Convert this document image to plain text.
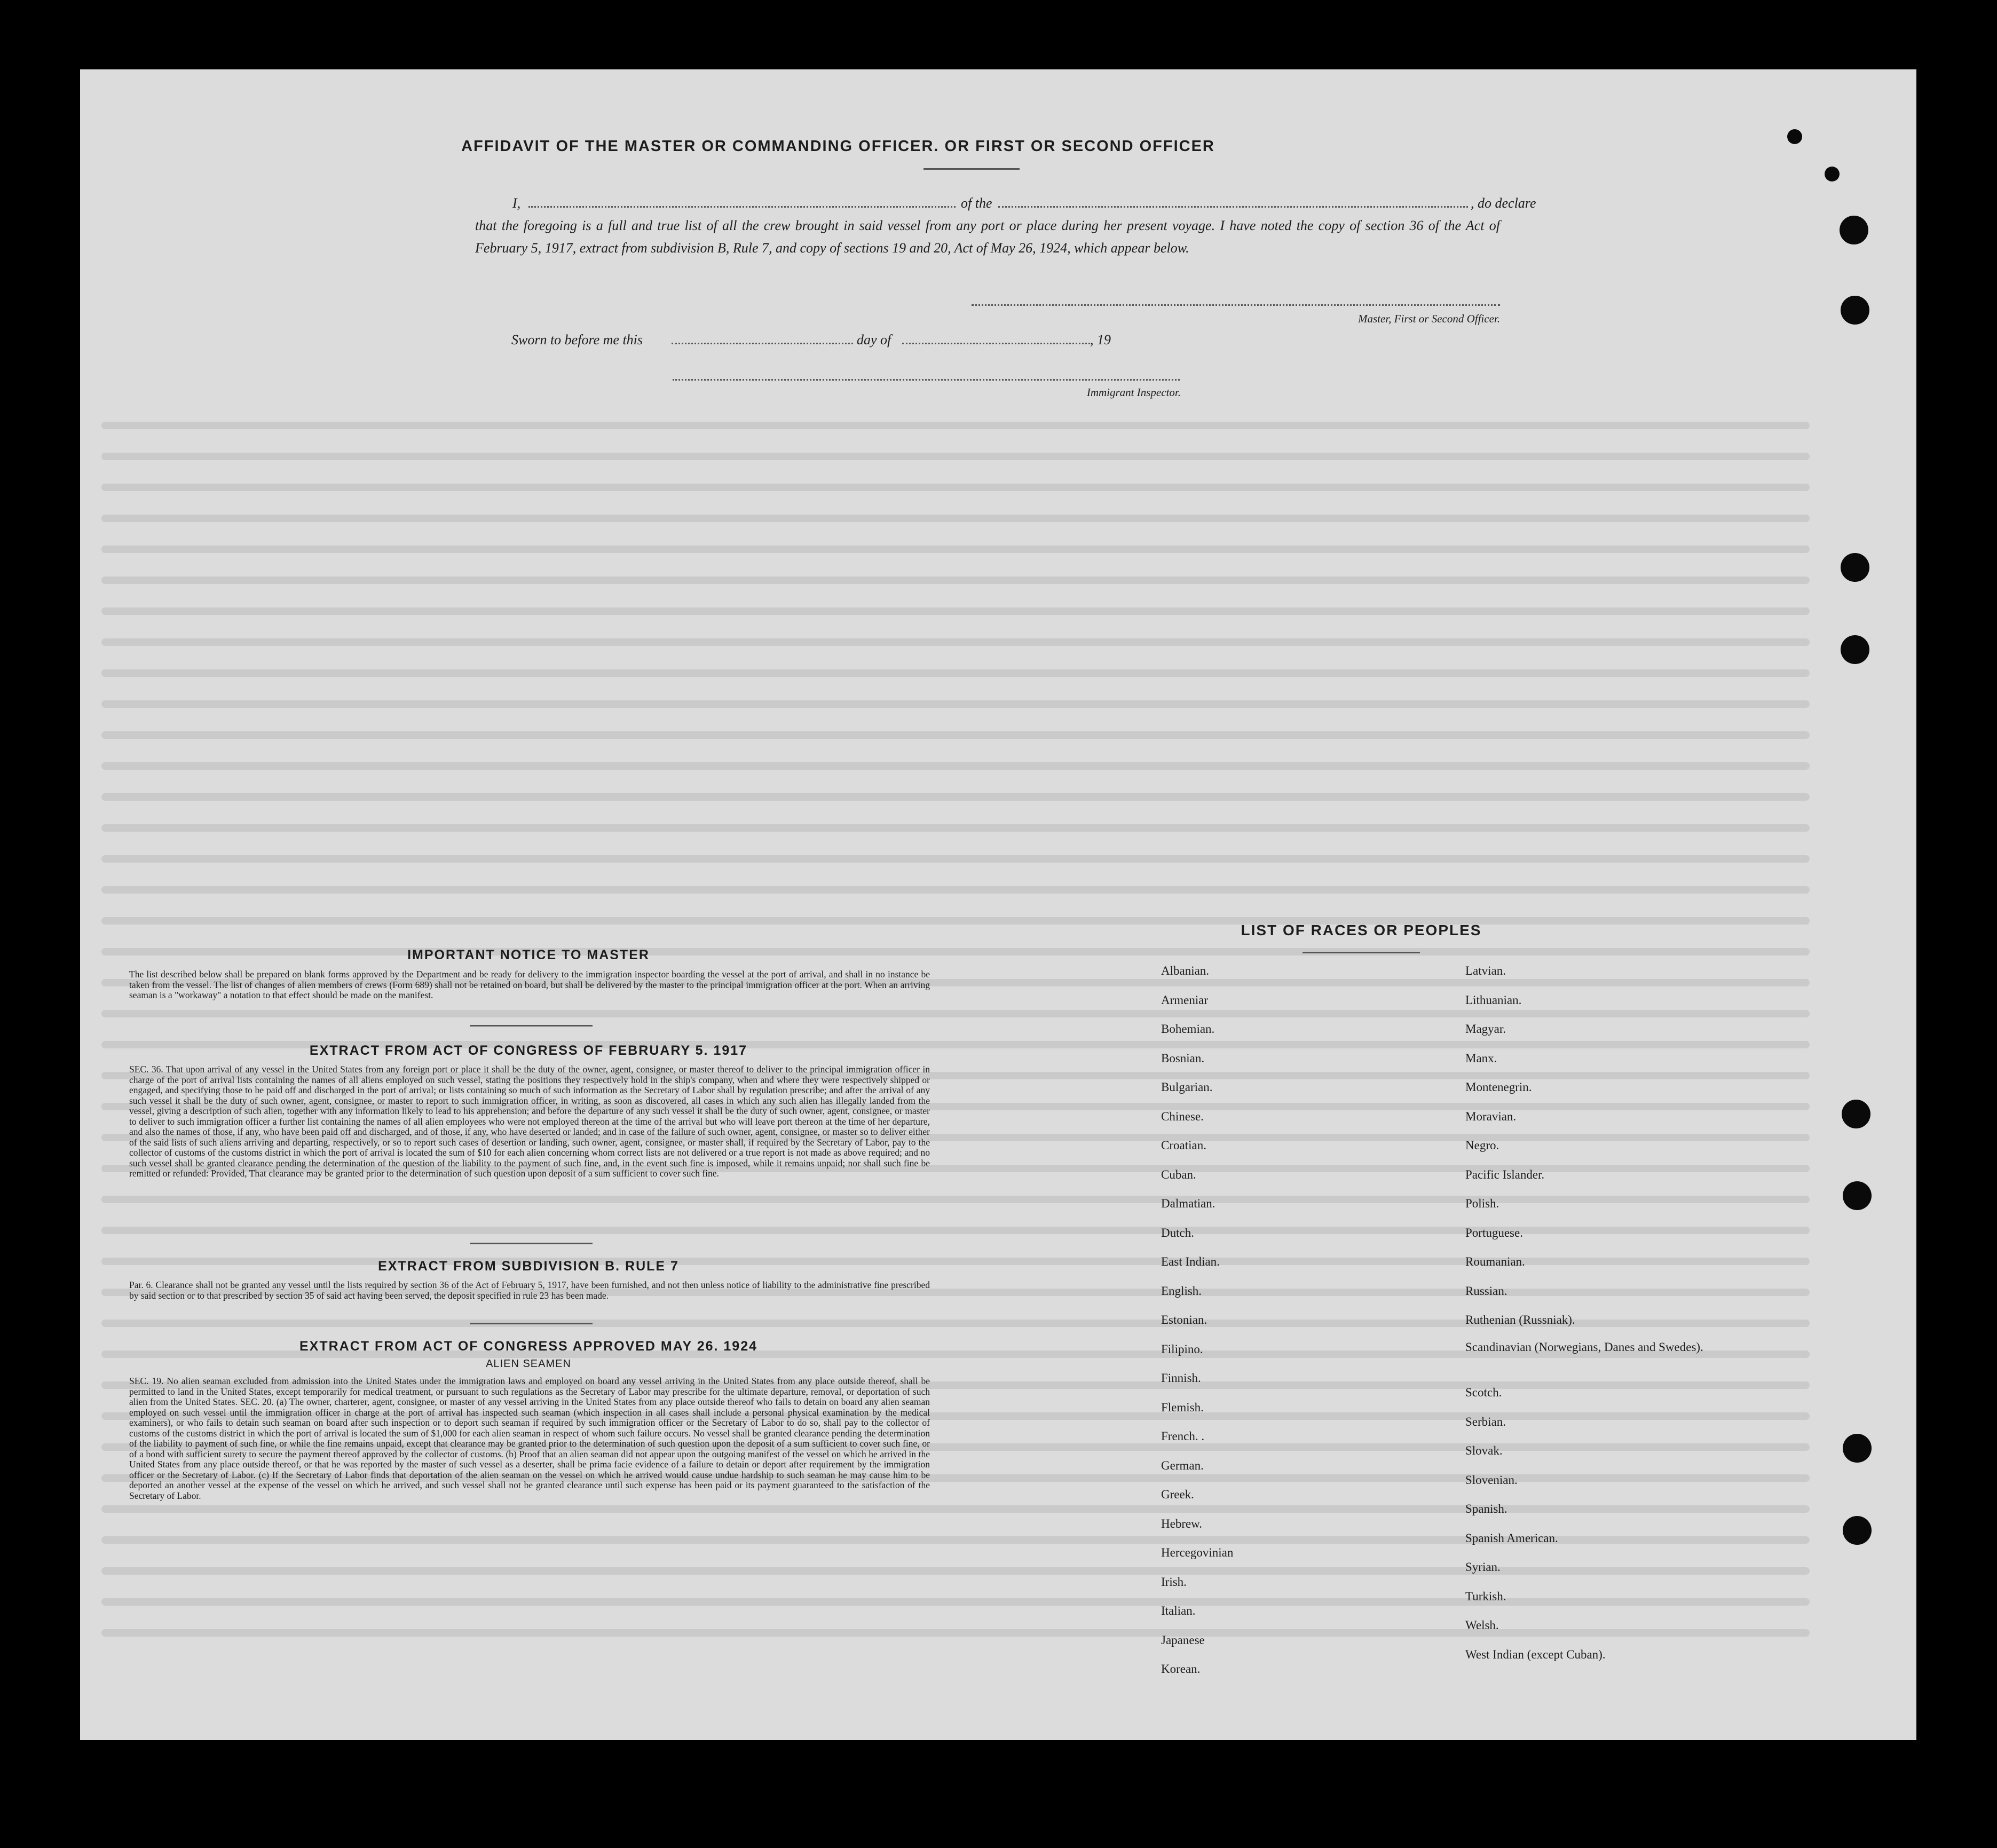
AFFIDAVIT OF THE MASTER OR COMMANDING OFFICER. OR FIRST OR SECOND OFFICER
I,	of the	, do declare
that the foregoing is a full and true list of all the crew brought in said vessel from any port or place during her present voyage. I have noted the copy of section 36 of the Act of February 5, 1917, extract from subdivision B, Rule 7, and copy of sections 19 and 20, Act of May 26, 1924, which appear below.
Master, First or Second Officer.
Sworn to before me this	day of	, 19
Immigrant Inspector.
IMPORTANT NOTICE TO MASTER
The list described below shall be prepared on blank forms approved by the Department and be ready for delivery to the immigration inspector boarding the vessel at the port of arrival, and shall in no instance be taken from the vessel. The list of changes of alien members of crews (Form 689) shall not be retained on board, but shall be delivered by the master to the principal immigration officer at the port. When an arriving seaman is a "workaway" a notation to that effect should be made on the manifest.
EXTRACT FROM ACT OF CONGRESS OF FEBRUARY 5. 1917
SEC. 36. That upon arrival of any vessel in the United States from any foreign port or place it shall be the duty of the owner, agent, consignee, or master thereof to deliver to the principal immigration officer in charge of the port of arrival lists containing the names of all aliens employed on such vessel, stating the positions they respectively hold in the ship's company, when and where they were respectively shipped or engaged, and specifying those to be paid off and discharged in the port of arrival; or lists containing so much of such information as the Secretary of Labor shall by regulation prescribe; and after the arrival of any such vessel it shall be the duty of such owner, agent, consignee, or master to report to such immigration officer, in writing, as soon as discovered, all cases in which any such alien has illegally landed from the vessel, giving a description of such alien, together with any information likely to lead to his apprehension; and before the departure of any such vessel it shall be the duty of such owner, agent, consignee, or master to deliver to such immigration officer a further list containing the names of all alien employees who were not employed thereon at the time of the arrival but who will leave port thereon at the time of her departure, and also the names of those, if any, who have been paid off and discharged, and of those, if any, who have deserted or landed; and in case of the failure of such owner, agent, consignee, or master so to deliver either of the said lists of such aliens arriving and departing, respectively, or so to report such cases of desertion or landing, such owner, agent, consignee, or master shall, if required by the Secretary of Labor, pay to the collector of customs of the customs district in which the port of arrival is located the sum of $10 for each alien concerning whom correct lists are not delivered or a true report is not made as above required; and no such vessel shall be granted clearance pending the determination of the question of the liability to the payment of such fine, and, in the event such fine is imposed, while it remains unpaid; nor shall such fine be remitted or refunded: Provided, That clearance may be granted prior to the determination of such question upon deposit of a sum sufficient to cover such fine.
EXTRACT FROM SUBDIVISION B. RULE 7
Par. 6. Clearance shall not be granted any vessel until the lists required by section 36 of the Act of February 5, 1917, have been furnished, and not then unless notice of liability to the administrative fine prescribed by said section or to that prescribed by section 35 of said act having been served, the deposit specified in rule 23 has been made.
EXTRACT FROM ACT OF CONGRESS APPROVED MAY 26. 1924
ALIEN SEAMEN
SEC. 19. No alien seaman excluded from admission into the United States under the immigration laws and employed on board any vessel arriving in the United States from any place outside thereof, shall be permitted to land in the United States, except temporarily for medical treatment, or pursuant to such regulations as the Secretary of Labor may prescribe for the ultimate departure, removal, or deportation of such alien from the United States. SEC. 20. (a) The owner, charterer, agent, consignee, or master of any vessel arriving in the United States from any place outside thereof who fails to detain on board any alien seaman employed on such vessel until the immigration officer in charge at the port of arrival has inspected such seaman (which inspection in all cases shall include a personal physical examination by the medical examiners), or who fails to detain such seaman on board after such inspection or to deport such seaman if required by such immigration officer or the Secretary of Labor to do so, shall pay to the collector of customs of the customs district in which the port of arrival is located the sum of $1,000 for each alien seaman in respect of whom such failure occurs. No vessel shall be granted clearance pending the determination of the liability to payment of such fine, or while the fine remains unpaid, except that clearance may be granted prior to the determination of such question upon the deposit of a sum sufficient to cover such fine, or of a bond with sufficient surety to secure the payment thereof approved by the collector of customs. (b) Proof that an alien seaman did not appear upon the outgoing manifest of the vessel on which he arrived in the United States from any place outside thereof, or that he was reported by the master of such vessel as a deserter, shall be prima facie evidence of a failure to detain or deport after requirement by the immigration officer or the Secretary of Labor. (c) If the Secretary of Labor finds that deportation of the alien seaman on the vessel on which he arrived would cause undue hardship to such seaman he may cause him to be deported an another vessel at the expense of the vessel on which he arrived, and such vessel shall not be granted clearance until such expense has been paid or its payment guaranteed to the satisfaction of the Secretary of Labor.
LIST OF RACES OR PEOPLES
Albanian.
Armeniar
Bohemian.
Bosnian.
Bulgarian.
Chinese.
Croatian.
Cuban.
Dalmatian.
Dutch.
East Indian.
English.
Estonian.
Filipino.
Finnish.
Flemish.
French. .
German.
Greek.
Hebrew.
Hercegovinian
Irish.
Italian.
Japanese
Korean.
Latvian.
Lithuanian.
Magyar.
Manx.
Montenegrin.
Moravian.
Negro.
Pacific Islander.
Polish.
Portuguese.
Roumanian.
Russian.
Ruthenian (Russniak).
Scandinavian (Norwegians, Danes and Swedes).
Scotch.
Serbian.
Slovak.
Slovenian.
Spanish.
Spanish American.
Syrian.
Turkish.
Welsh.
West Indian (except Cuban).
